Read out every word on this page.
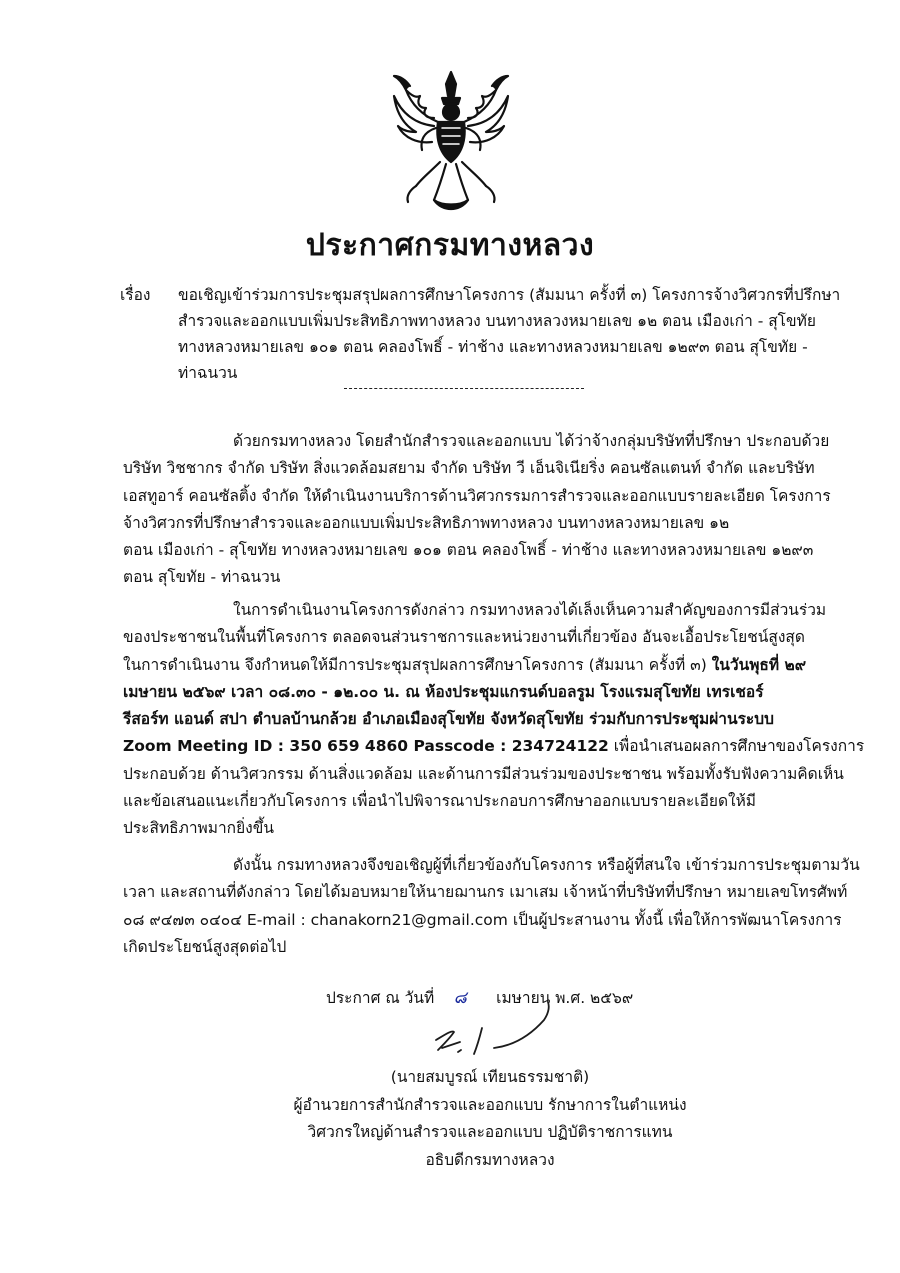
ประกาศกรมทางหลวง
เรื่อง ขอเชิญเข้าร่วมการประชุมสรุปผลการศึกษาโครงการ (สัมมนา ครั้งที่ ๓) โครงการจ้างวิศวกรที่ปรึกษา
สำรวจและออกแบบเพิ่มประสิทธิภาพทางหลวง บนทางหลวงหมายเลข ๑๒ ตอน เมืองเก่า - สุโขทัย
ทางหลวงหมายเลข ๑๐๑ ตอน คลองโพธิ์ - ท่าช้าง และทางหลวงหมายเลข ๑๒๙๓ ตอน สุโขทัย -
ท่าฉนวน
ด้วยกรมทางหลวง โดยสำนักสำรวจและออกแบบ ได้ว่าจ้างกลุ่มบริษัทที่ปรึกษา ประกอบด้วย
บริษัท วิชชากร จำกัด บริษัท สิ่งแวดล้อมสยาม จำกัด บริษัท วี เอ็นจิเนียริ่ง คอนซัลแตนท์ จำกัด และบริษัท
เอสทูอาร์ คอนซัลติ้ง จำกัด ให้ดำเนินงานบริการด้านวิศวกรรมการสำรวจและออกแบบรายละเอียด โครงการ
จ้างวิศวกรที่ปรึกษาสำรวจและออกแบบเพิ่มประสิทธิภาพทางหลวง บนทางหลวงหมายเลข ๑๒
ตอน เมืองเก่า - สุโขทัย ทางหลวงหมายเลข ๑๐๑ ตอน คลองโพธิ์ - ท่าช้าง และทางหลวงหมายเลข ๑๒๙๓
ตอน สุโขทัย - ท่าฉนวน
ในการดำเนินงานโครงการดังกล่าว กรมทางหลวงได้เล็งเห็นความสำคัญของการมีส่วนร่วม
ของประชาชนในพื้นที่โครงการ ตลอดจนส่วนราชการและหน่วยงานที่เกี่ยวข้อง อันจะเอื้อประโยชน์สูงสุด
ในการดำเนินงาน จึงกำหนดให้มีการประชุมสรุปผลการศึกษาโครงการ (สัมมนา ครั้งที่ ๓) ในวันพุธที่ ๒๙
เมษายน ๒๕๖๙ เวลา ๐๘.๓๐ - ๑๒.๐๐ น. ณ ห้องประชุมแกรนด์บอลรูม โรงแรมสุโขทัย เทรเชอร์
รีสอร์ท แอนด์ สปา ตำบลบ้านกล้วย อำเภอเมืองสุโขทัย จังหวัดสุโขทัย ร่วมกับการประชุมผ่านระบบ
Zoom Meeting ID : 350 659 4860 Passcode : 234724122 เพื่อนำเสนอผลการศึกษาของโครงการ
ประกอบด้วย ด้านวิศวกรรม ด้านสิ่งแวดล้อม และด้านการมีส่วนร่วมของประชาชน พร้อมทั้งรับฟังความคิดเห็น
และข้อเสนอแนะเกี่ยวกับโครงการ เพื่อนำไปพิจารณาประกอบการศึกษาออกแบบรายละเอียดให้มี
ประสิทธิภาพมากยิ่งขึ้น
ดังนั้น กรมทางหลวงจึงขอเชิญผู้ที่เกี่ยวข้องกับโครงการ หรือผู้ที่สนใจ เข้าร่วมการประชุมตามวัน
เวลา และสถานที่ดังกล่าว โดยได้มอบหมายให้นายฌานกร เมาเสม เจ้าหน้าที่บริษัทที่ปรึกษา หมายเลขโทรศัพท์
๐๘ ๙๔๗๓ ๐๔๐๔ E-mail : chanakorn21@gmail.com เป็นผู้ประสานงาน ทั้งนี้ เพื่อให้การพัฒนาโครงการ
เกิดประโยชน์สูงสุดต่อไป
ประกาศ ณ วันที่ ๘ เมษายน พ.ศ. ๒๕๖๙
(นายสมบูรณ์ เทียนธรรมชาติ)
ผู้อำนวยการสำนักสำรวจและออกแบบ รักษาการในตำแหน่ง
วิศวกรใหญ่ด้านสำรวจและออกแบบ ปฏิบัติราชการแทน
อธิบดีกรมทางหลวง
